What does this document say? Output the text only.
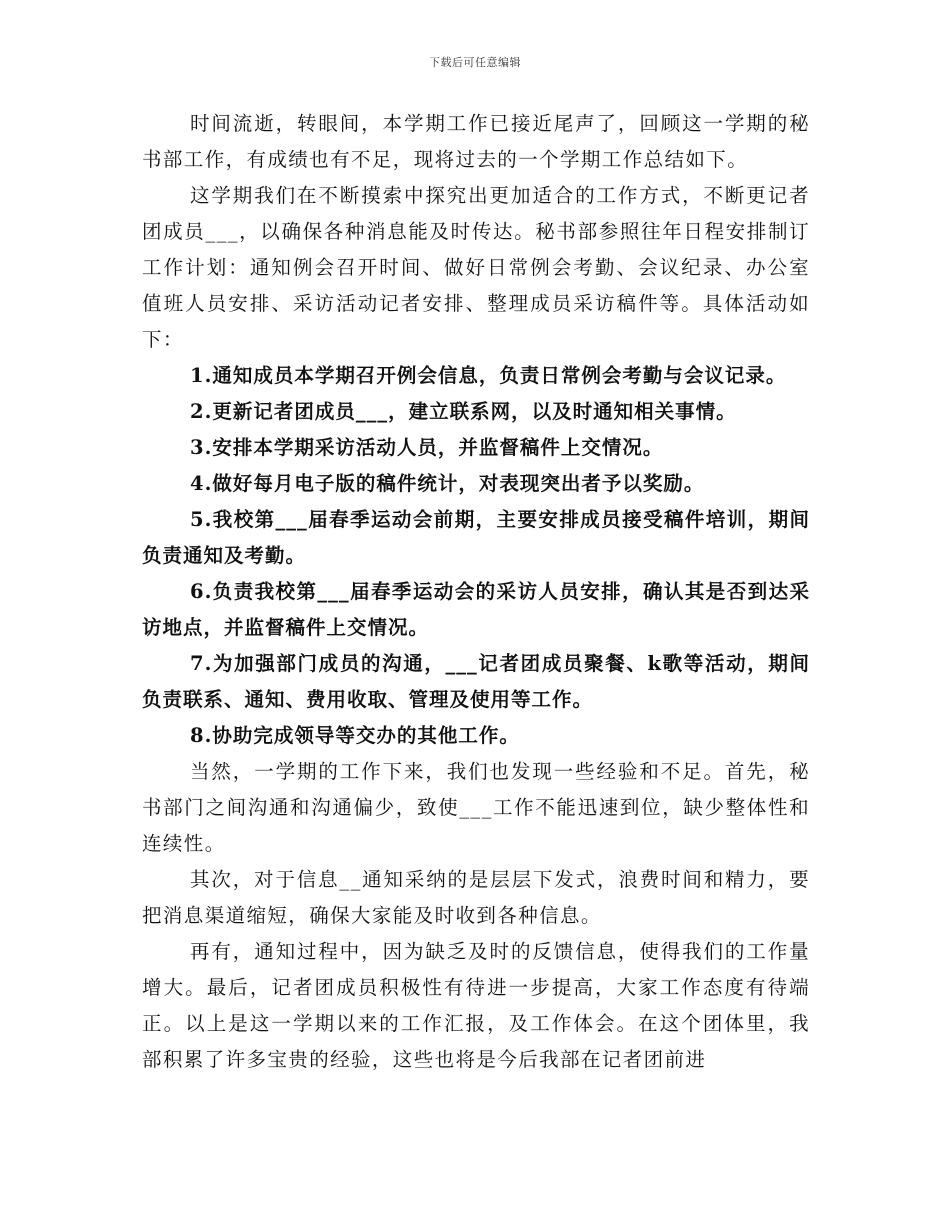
下载后可任意编辑

时间流逝，转眼间，本学期工作已接近尾声了，回顾这一学期的秘书部工作，有成绩也有不足，现将过去的一个学期工作总结如下。

这学期我们在不断摸索中探究出更加适合的工作方式，不断更记者团成员___，以确保各种消息能及时传达。秘书部参照往年日程安排制订工作计划：通知例会召开时间、做好日常例会考勤、会议纪录、办公室值班人员安排、采访活动记者安排、整理成员采访稿件等。具体活动如下：

1.通知成员本学期召开例会信息，负责日常例会考勤与会议记录。

2.更新记者团成员___，建立联系网，以及时通知相关事情。

3.安排本学期采访活动人员，并监督稿件上交情况。

4.做好每月电子版的稿件统计，对表现突出者予以奖励。

5.我校第___届春季运动会前期，主要安排成员接受稿件培训，期间负责通知及考勤。

6.负责我校第___届春季运动会的采访人员安排，确认其是否到达采访地点，并监督稿件上交情况。

7.为加强部门成员的沟通，___记者团成员聚餐、k歌等活动，期间负责联系、通知、费用收取、管理及使用等工作。

8.协助完成领导等交办的其他工作。

当然，一学期的工作下来，我们也发现一些经验和不足。首先，秘书部门之间沟通和沟通偏少，致使___工作不能迅速到位，缺少整体性和连续性。

其次，对于信息__通知采纳的是层层下发式，浪费时间和精力，要把消息渠道缩短，确保大家能及时收到各种信息。

再有，通知过程中，因为缺乏及时的反馈信息，使得我们的工作量增大。最后，记者团成员积极性有待进一步提高，大家工作态度有待端正。以上是这一学期以来的工作汇报，及工作体会。在这个团体里，我部积累了许多宝贵的经验，这些也将是今后我部在记者团前进
